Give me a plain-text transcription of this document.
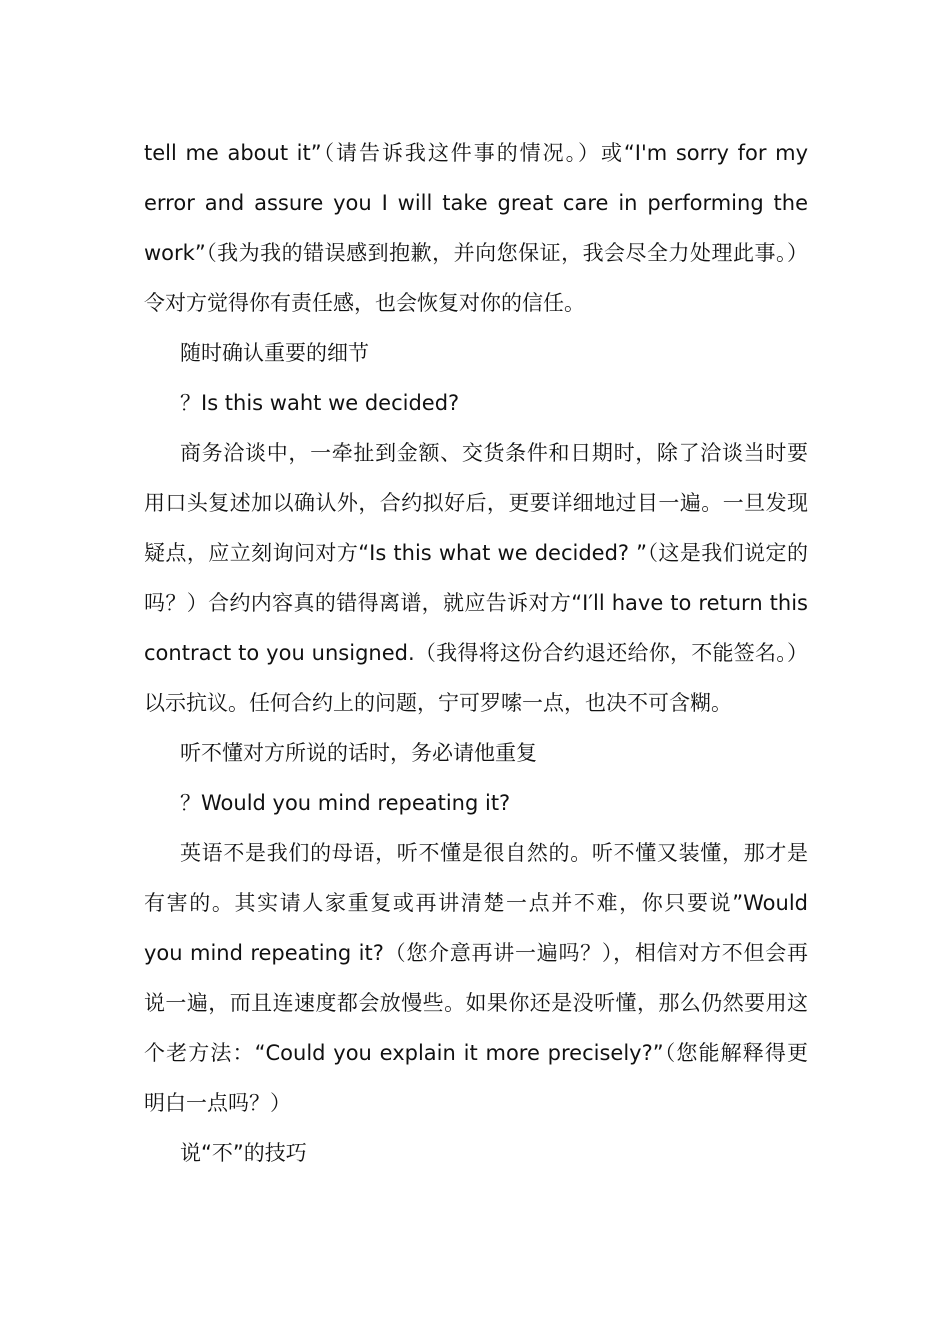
tell me about it”（请告诉我这件事的情况。）或“I'm sorry for my error and assure you I will take great care in performing the work”（我为我的错误感到抱歉，并向您保证，我会尽全力处理此事。）令对方觉得你有责任感，也会恢复对你的信任。

随时确认重要的细节

？Is this waht we decided?

商务洽谈中，一牵扯到金额、交货条件和日期时，除了洽谈当时要用口头复述加以确认外，合约拟好后，更要详细地过目一遍。一旦发现疑点，应立刻询问对方“Is this what we decided? ”（这是我们说定的吗？）合约内容真的错得离谱，就应告诉对方“I′ll have to return this contract to you unsigned.（我得将这份合约退还给你，不能签名。）以示抗议。任何合约上的问题，宁可罗嗦一点，也决不可含糊。

听不懂对方所说的话时，务必请他重复

？Would you mind repeating it?

英语不是我们的母语，听不懂是很自然的。听不懂又装懂，那才是有害的。其实请人家重复或再讲清楚一点并不难，你只要说”Would you mind repeating it?（您介意再讲一遍吗？），相信对方不但会再说一遍，而且连速度都会放慢些。如果你还是没听懂，那么仍然要用这个老方法：“Could you explain it more precisely?”（您能解释得更明白一点吗？）

说“不”的技巧
